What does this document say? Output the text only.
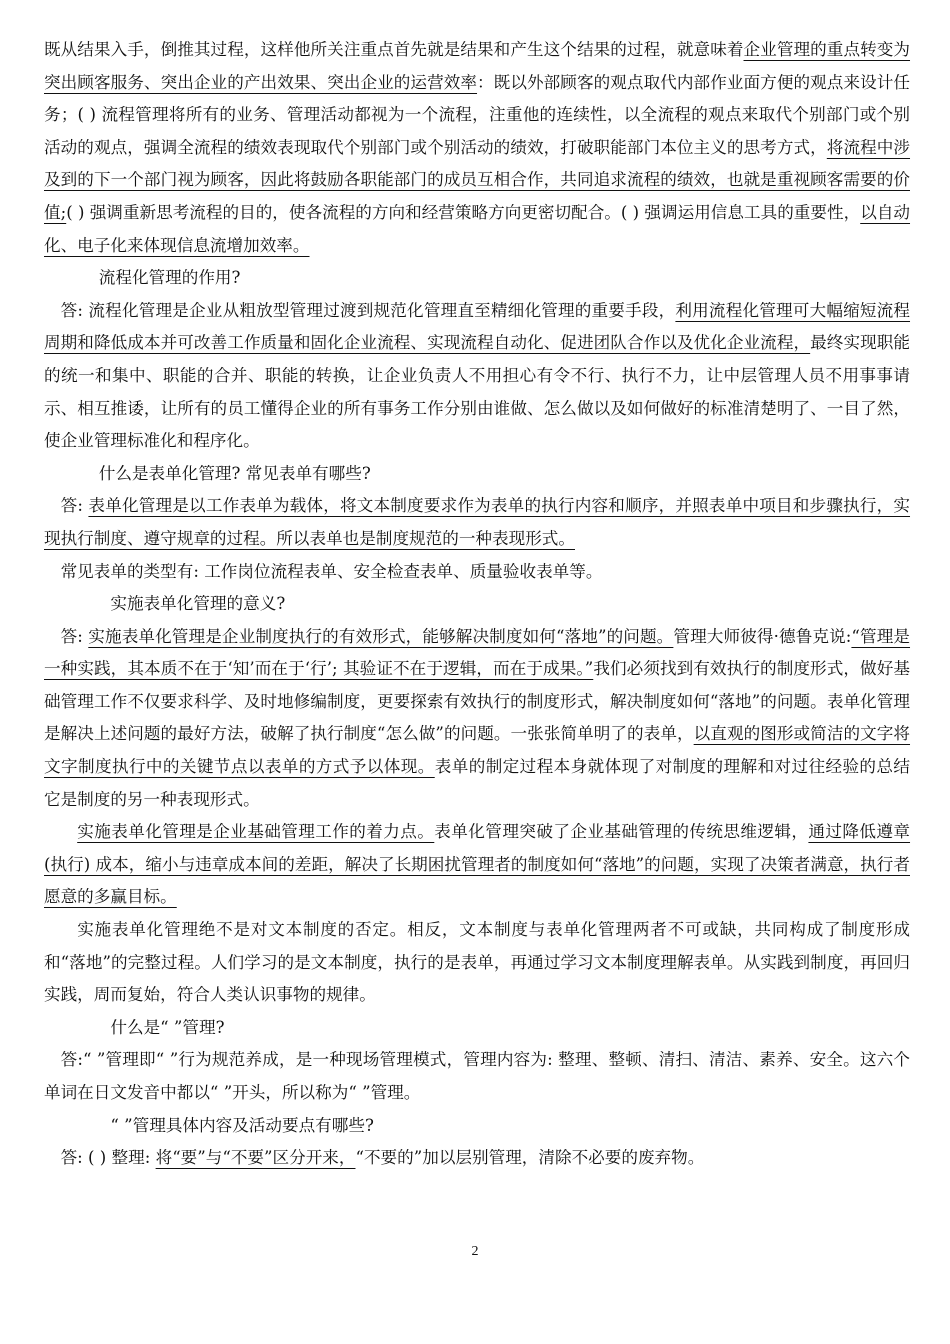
既从结果入手，倒推其过程，这样他所关注重点首先就是结果和产生这个结果的过程，就意味着企业管理的重点转变为突出顾客服务、突出企业的产出效果、突出企业的运营效率：既以外部顾客的观点取代内部作业面方便的观点来设计任务；( ) 流程管理将所有的业务、管理活动都视为一个流程，注重他的连续性，以全流程的观点来取代个别部门或个别活动的观点，强调全流程的绩效表现取代个别部门或个别活动的绩效，打破职能部门本位主义的思考方式，将流程中涉及到的下一个部门视为顾客，因此将鼓励各职能部门的成员互相合作，共同追求流程的绩效，也就是重视顾客需要的价值;( ) 强调重新思考流程的目的，使各流程的方向和经营策略方向更密切配合。( ) 强调运用信息工具的重要性，以自动化、电子化来体现信息流增加效率。

流程化管理的作用?

答: 流程化管理是企业从粗放型管理过渡到规范化管理直至精细化管理的重要手段，利用流程化管理可大幅缩短流程周期和降低成本并可改善工作质量和固化企业流程、实现流程自动化、促进团队合作以及优化企业流程，最终实现职能的统一和集中、职能的合并、职能的转换，让企业负责人不用担心有令不行、执行不力，让中层管理人员不用事事请示、相互推诿，让所有的员工懂得企业的所有事务工作分别由谁做、怎么做以及如何做好的标准清楚明了、一目了然，使企业管理标准化和程序化。

什么是表单化管理? 常见表单有哪些?

答: 表单化管理是以工作表单为载体，将文本制度要求作为表单的执行内容和顺序，并照表单中项目和步骤执行，实现执行制度、遵守规章的过程。所以表单也是制度规范的一种表现形式。

常见表单的类型有: 工作岗位流程表单、安全检查表单、质量验收表单等。

实施表单化管理的意义?

答: 实施表单化管理是企业制度执行的有效形式，能够解决制度如何“落地”的问题。管理大师彼得·德鲁克说:“管理是一种实践，其本质不在于‘知’而在于‘行’; 其验证不在于逻辑，而在于成果。”我们必须找到有效执行的制度形式，做好基础管理工作不仅要求科学、及时地修编制度，更要探索有效执行的制度形式，解决制度如何“落地”的问题。表单化管理是解决上述问题的最好方法，破解了执行制度“怎么做”的问题。一张张简单明了的表单，以直观的图形或简洁的文字将文字制度执行中的关键节点以表单的方式予以体现。表单的制定过程本身就体现了对制度的理解和对过往经验的总结 它是制度的另一种表现形式。

实施表单化管理是企业基础管理工作的着力点。表单化管理突破了企业基础管理的传统思维逻辑，通过降低遵章 (执行) 成本，缩小与违章成本间的差距，解决了长期困扰管理者的制度如何“落地”的问题，实现了决策者满意，执行者愿意的多赢目标。

实施表单化管理绝不是对文本制度的否定。相反，文本制度与表单化管理两者不可或缺，共同构成了制度形成和“落地”的完整过程。人们学习的是文本制度，执行的是表单，再通过学习文本制度理解表单。从实践到制度，再回归实践，周而复始，符合人类认识事物的规律。

什么是“ ”管理?

答:“ ”管理即“ ”行为规范养成，是一种现场管理模式，管理内容为: 整理、整顿、清扫、清洁、素养、安全。这六个单词在日文发音中都以“ ”开头，所以称为“ ”管理。

“ ”管理具体内容及活动要点有哪些?

答: ( ) 整理: 将“要”与“不要”区分开来，“不要的”加以层别管理，清除不必要的废弃物。

2
